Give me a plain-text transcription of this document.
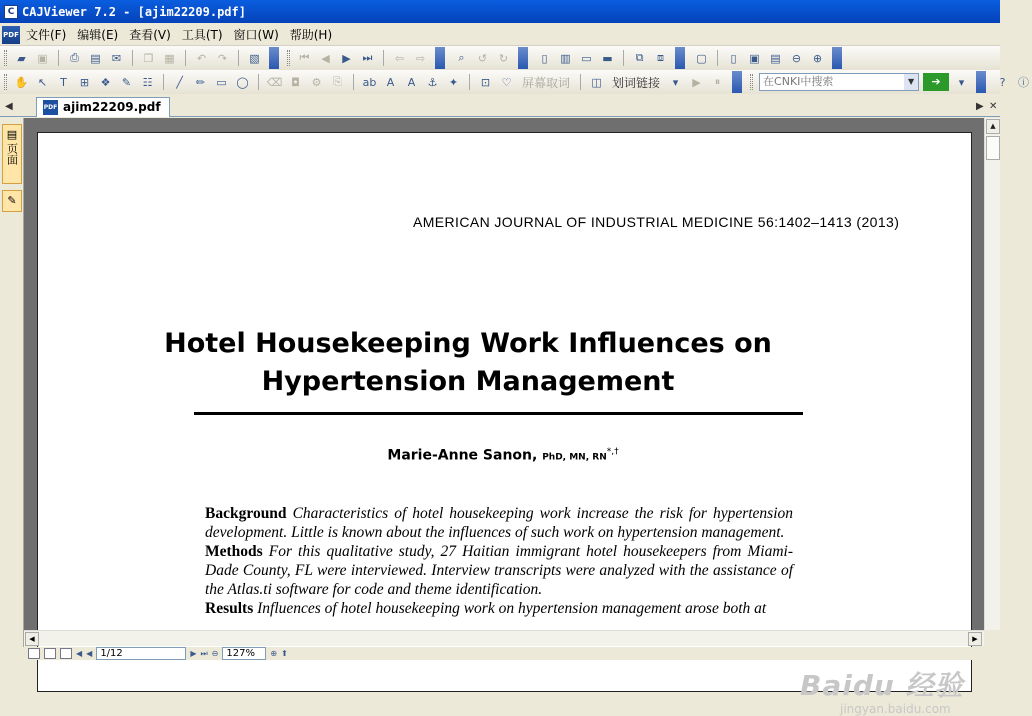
C CAJViewer 7.2 - [ajim22209.pdf]
PDF 文件(F) 编辑(E) 查看(V) 工具(T) 窗口(W) 帮助(H)
▰	▣	⎙	▤	✉	❐ ▦	↶	↷	▧	⏮	◀	▶	⏭	⇦	⇨	⌕	↺	↻	▯	▥ ▭ ▬	⧉	⧈	▢	▯	▣ ▤	⊖	⊕
✋ ↖	T	⊞	❖	✎	☷	╱	✏	▭ ◯ ⌫ ◘	⚙	⎘	ab A	A	⚓	✦	⊡	♡ 屏幕取词 ◫ 划词链接	▾	▶	⏸	在CNKI中搜索	▼	➔	▾	?	ⓘ
◀	PDF ajim22209.pdf	▶ ✕
▤
页面
✎
AMERICAN JOURNAL OF INDUSTRIAL MEDICINE 56:1402–1413 (2013)
Hotel Housekeeping Work Influences on
Hypertension Management
Marie-Anne Sanon, PhD, MN, RN*,†

Background Characteristics of hotel housekeeping work increase the risk for hypertension development. Little is known about the influences of such work on hypertension management.

Methods For this qualitative study, 27 Haitian immigrant hotel housekeepers from Miami-Dade County, FL were interviewed. Interview transcripts were analyzed with the assistance of the Atlas.ti software for code and theme identification.

Results Influences of hotel housekeeping work on hypertension management arose both at

Baidu 经验
jingyan.baidu.com
▲
◀	▶
◀ ◀ 1/12	▶ ⏭ ⊖ 127%	⊕ ⬆
